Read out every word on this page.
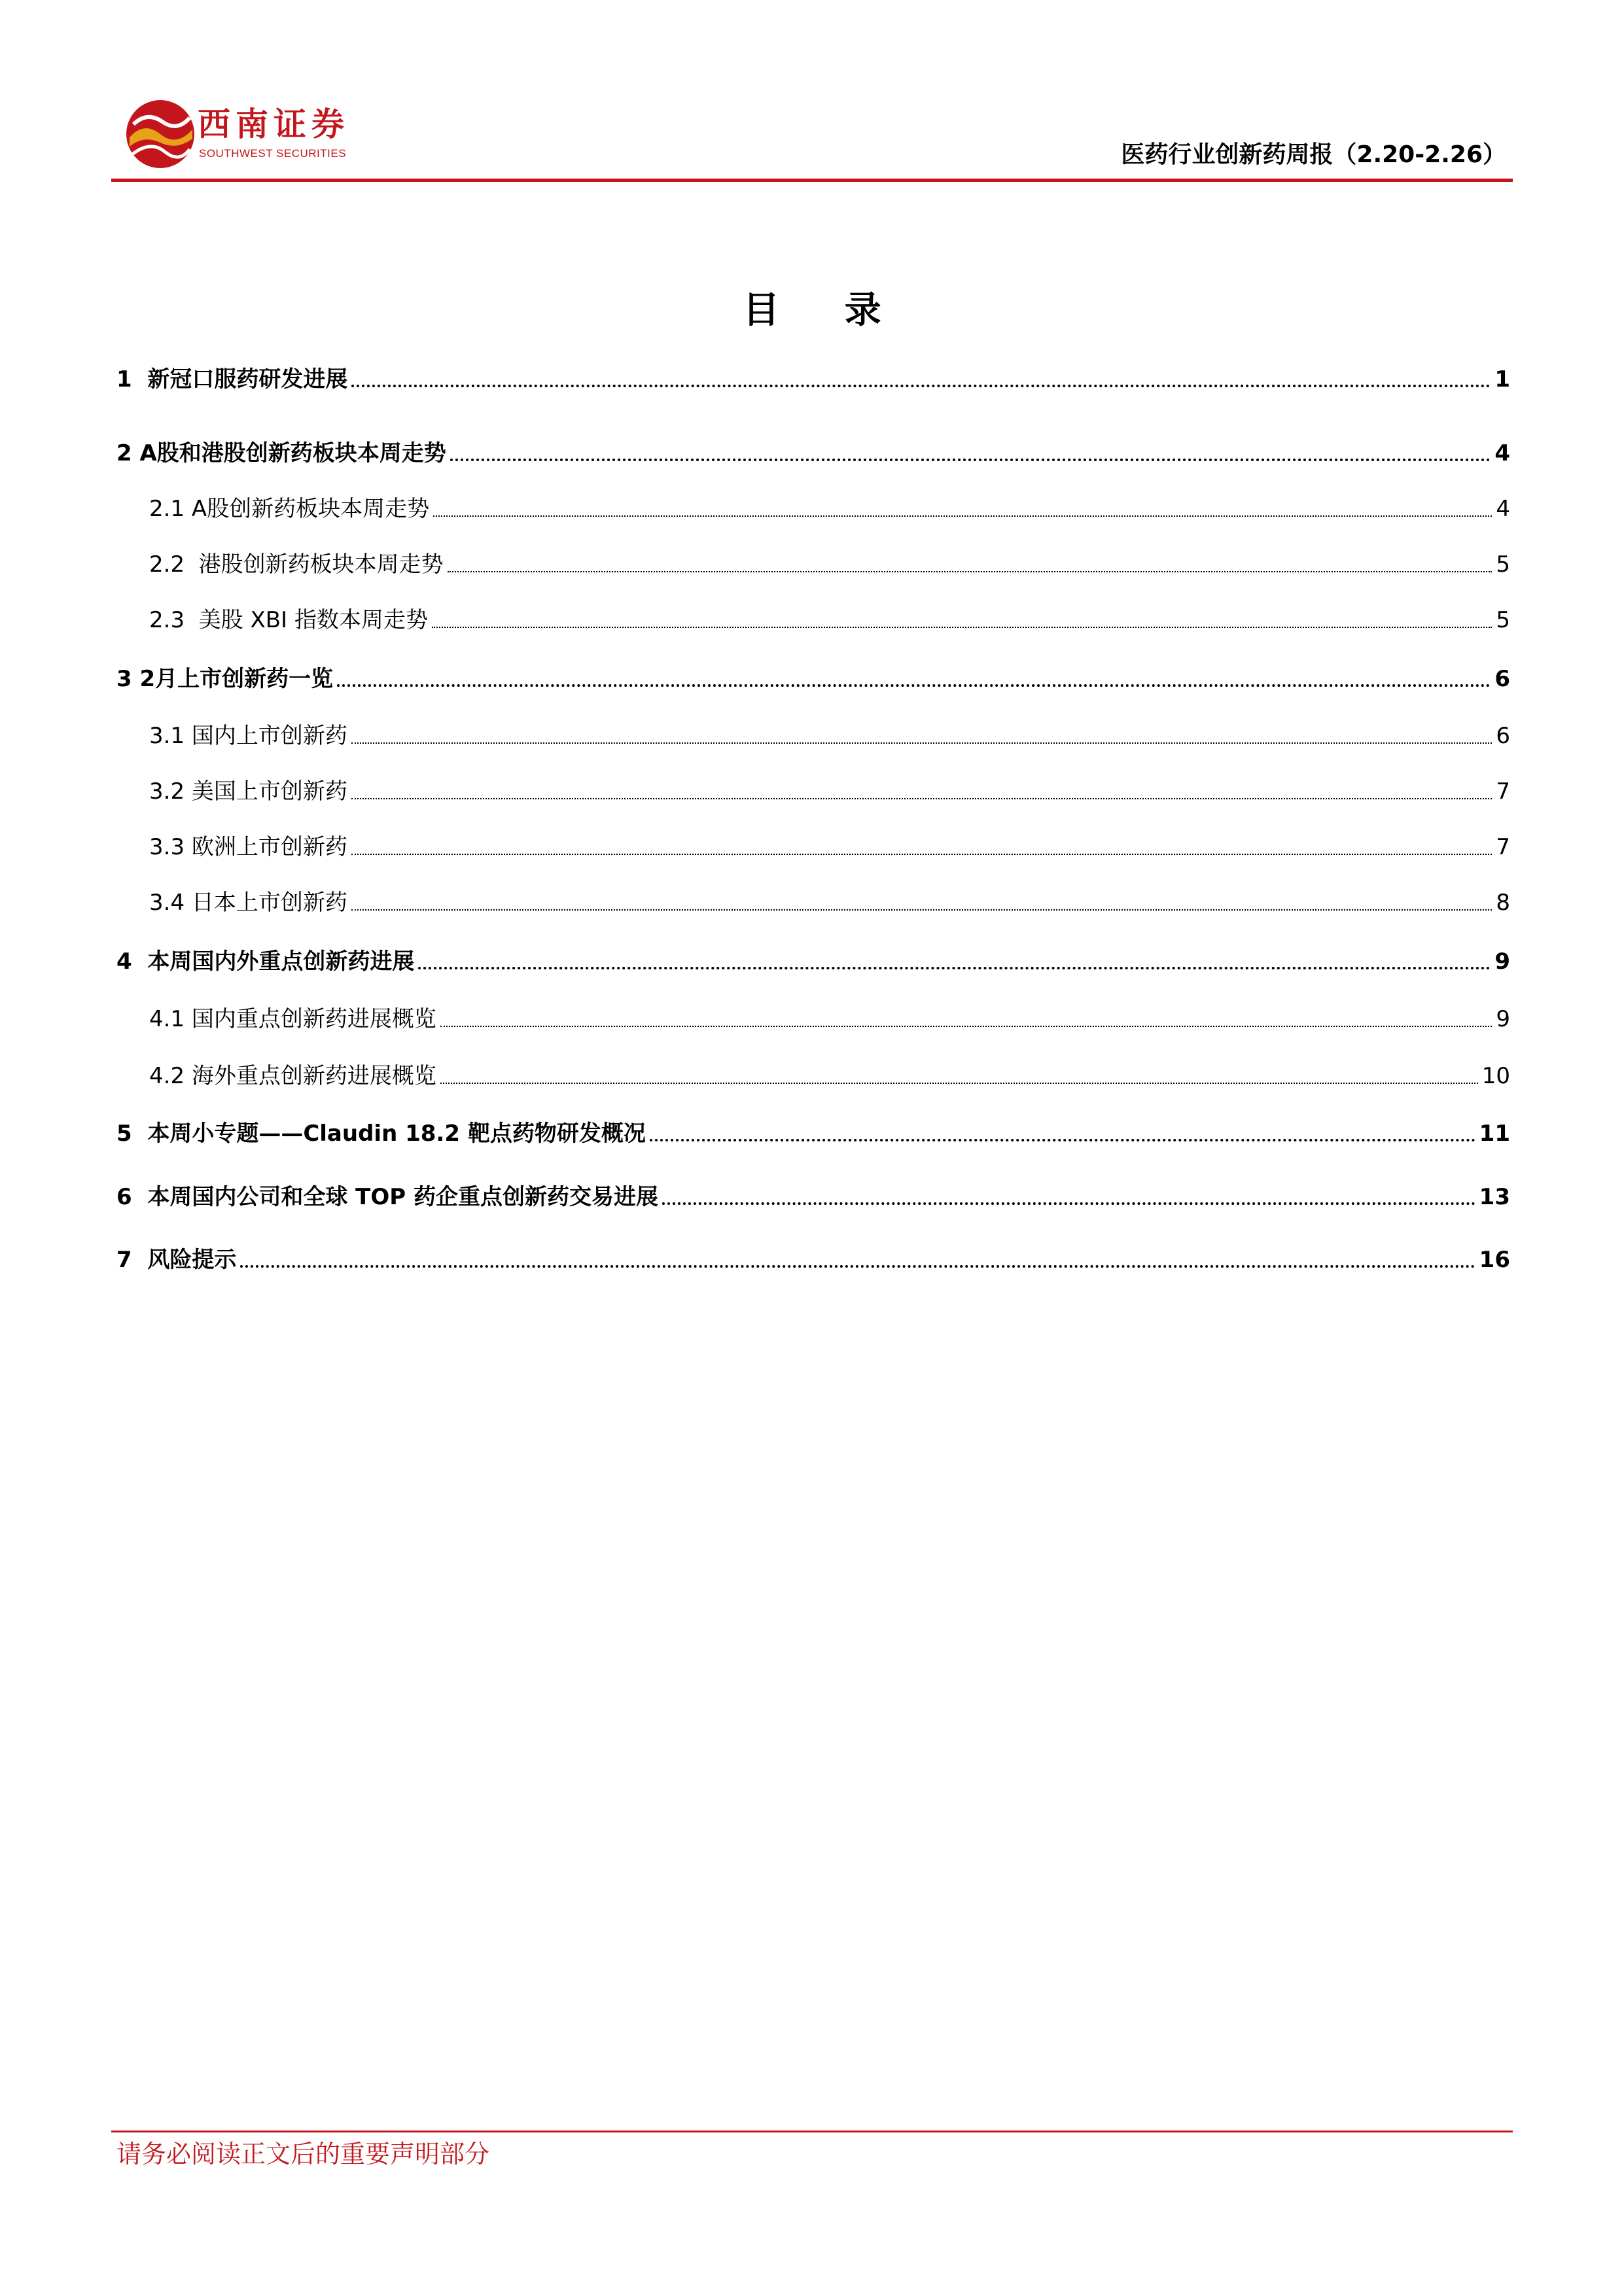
西南证券
SOUTHWEST SECURITIES	医药行业创新药周报（2.20-2.26）
目 录
1  新冠口服药研发进展	1
2 A股和港股创新药板块本周走势	4
2.1 A股创新药板块本周走势	4
2.2  港股创新药板块本周走势	5
2.3  美股 XBI 指数本周走势	5
3 2月上市创新药一览	6
3.1 国内上市创新药	6
3.2 美国上市创新药	7
3.3 欧洲上市创新药	7
3.4 日本上市创新药	8
4  本周国内外重点创新药进展	9
4.1 国内重点创新药进展概览	9
4.2 海外重点创新药进展概览	10
5  本周小专题——Claudin 18.2 靶点药物研发概况	11
6  本周国内公司和全球 TOP 药企重点创新药交易进展	13
7  风险提示	16
请务必阅读正文后的重要声明部分
